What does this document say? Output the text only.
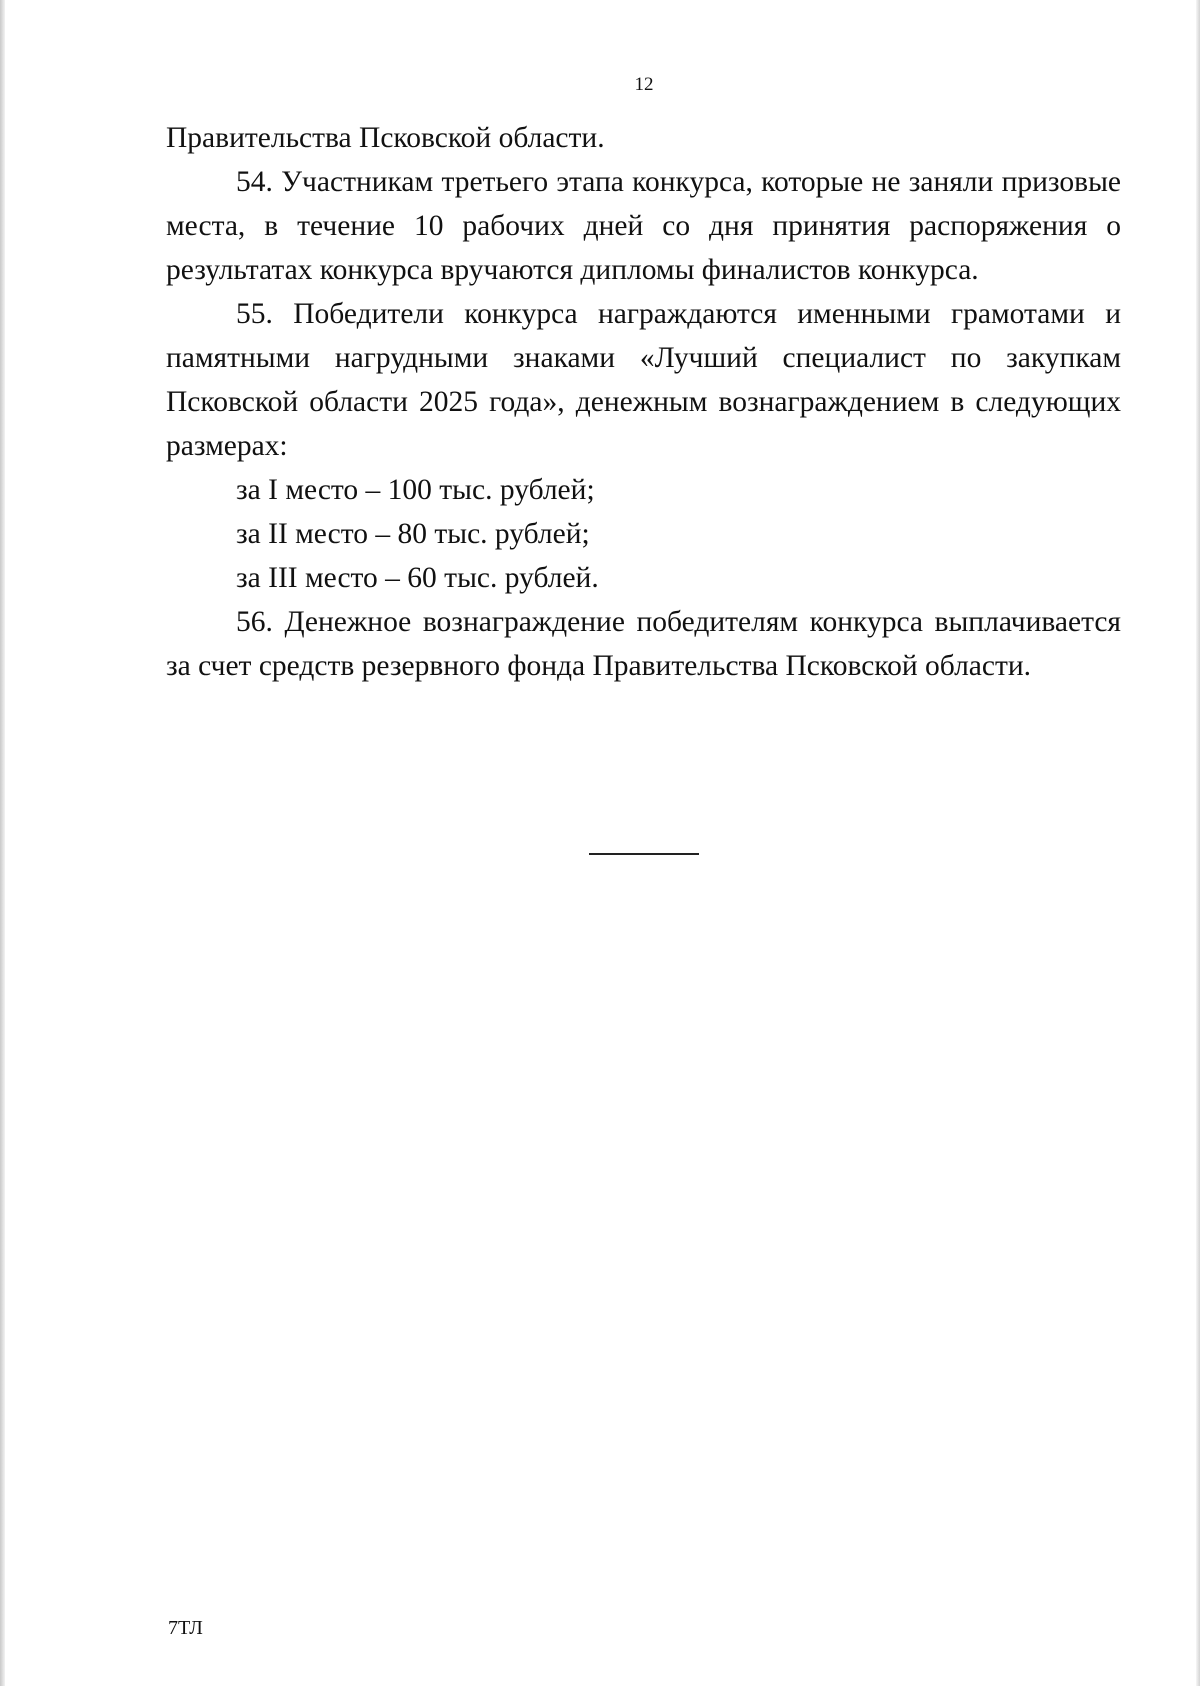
12

Правительства Псковской области.

54. Участникам третьего этапа конкурса, которые не заняли призовые места, в течение 10 рабочих дней со дня принятия распоряжения о результатах конкурса вручаются дипломы финалистов конкурса.

55. Победители конкурса награждаются именными грамотами и памятными нагрудными знаками «Лучший специалист по закупкам Псковской области 2025 года», денежным вознаграждением в следующих размерах:

за I место – 100 тыс. рублей;

за II место – 80 тыс. рублей;

за III место – 60 тыс. рублей.

56. Денежное вознаграждение победителям конкурса выплачивается за счет средств резервного фонда Правительства Псковской области.

7ТЛ
